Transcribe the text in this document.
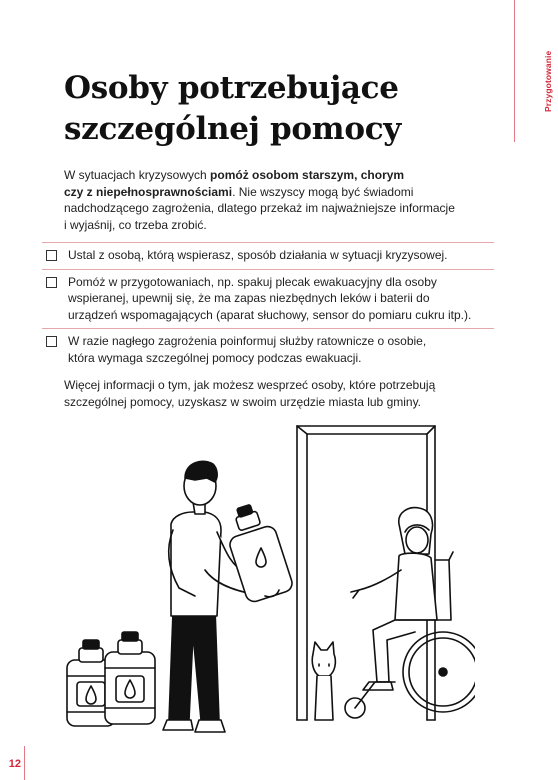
Przygotowanie
Osoby potrzebujące
szczególnej pomocy

W sytuacjach kryzysowych pomóż osobom starszym, chorym
czy z niepełnosprawnościami. Nie wszyscy mogą być świadomi
nadchodzącego zagrożenia, dlatego przekaż im najważniejsze informacje
i wyjaśnij, co trzeba zrobić.

Ustal z osobą, którą wspierasz, sposób działania w sytuacji kryzysowej.
Pomóż w przygotowaniach, np. spakuj plecak ewakuacyjny dla osoby
wspieranej, upewnij się, że ma zapas niezbędnych leków i baterii do
urządzeń wspomagających (aparat słuchowy, sensor do pomiaru cukru itp.).
W razie nagłego zagrożenia poinformuj służby ratownicze o osobie,
która wymaga szczególnej pomocy podczas ewakuacji.

Więcej informacji o tym, jak możesz wesprzeć osoby, które potrzebują
szczególnej pomocy, uzyskasz w swoim urzędzie miasta lub gminy.

12
